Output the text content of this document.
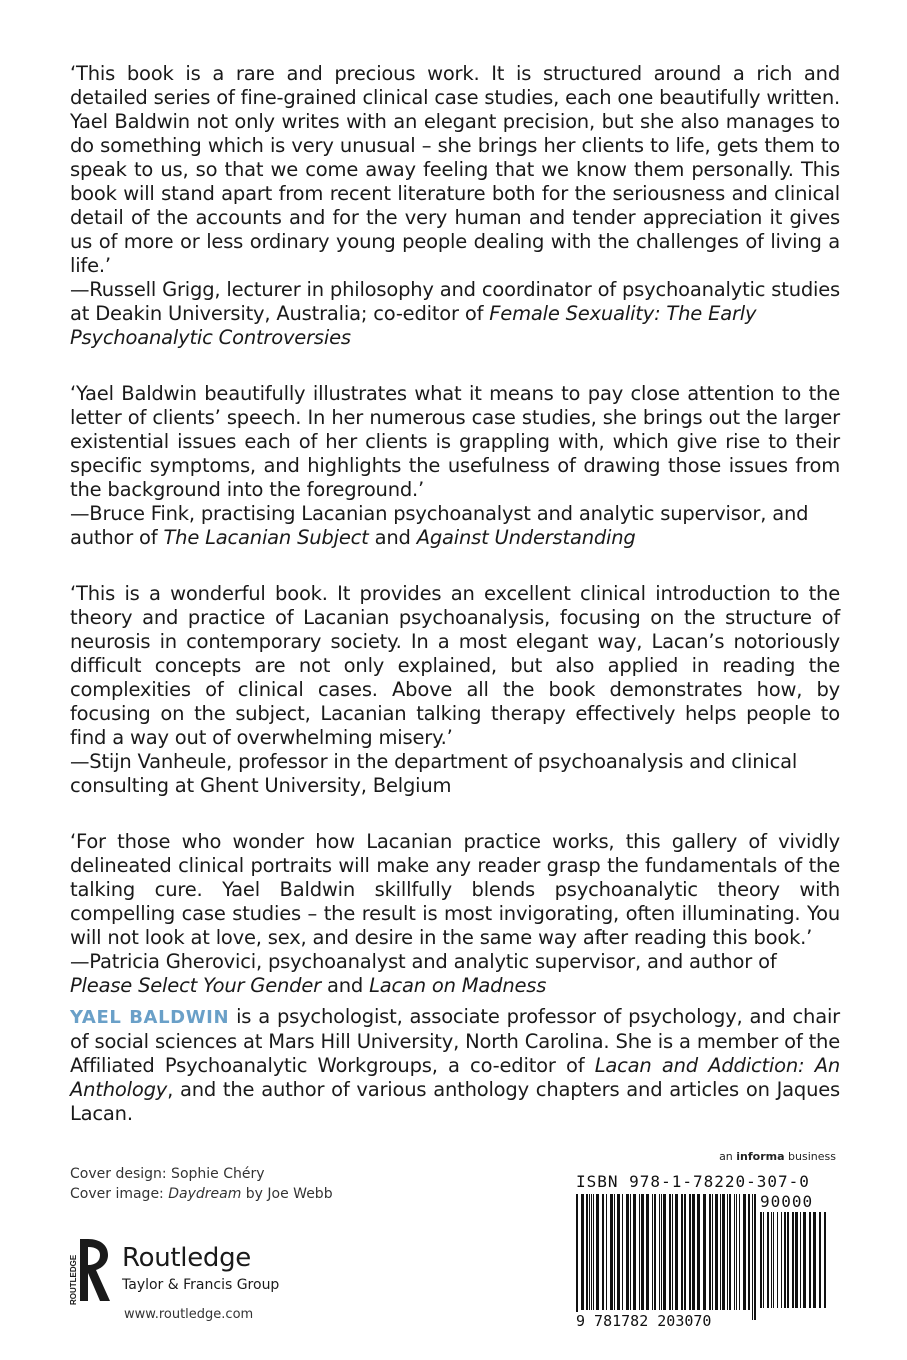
‘This book is a rare and precious work. It is structured around a rich and detailed series of fine-grained clinical case studies, each one beautifully written. Yael Baldwin not only writes with an elegant precision, but she also manages to do something which is very unusual – she brings her clients to life, gets them to speak to us, so that we come away feeling that we know them personally. This book will stand apart from recent literature both for the seriousness and clinical detail of the accounts and for the very human and tender appreciation it gives us of more or less ordinary young people dealing with the challenges of living a life.’

—Russell Grigg, lecturer in philosophy and coordinator of psychoanalytic studies at Deakin University, Australia; co-editor of Female Sexuality: The Early Psychoanalytic Controversies

‘Yael Baldwin beautifully illustrates what it means to pay close attention to the letter of clients’ speech. In her numerous case studies, she brings out the larger existential issues each of her clients is grappling with, which give rise to their specific symptoms, and highlights the usefulness of drawing those issues from the background into the foreground.’

—Bruce Fink, practising Lacanian psychoanalyst and analytic supervisor, and author of The Lacanian Subject and Against Understanding

‘This is a wonderful book. It provides an excellent clinical introduction to the theory and practice of Lacanian psychoanalysis, focusing on the structure of neurosis in contemporary society. In a most elegant way, Lacan’s notoriously difficult concepts are not only explained, but also applied in reading the complexities of clinical cases. Above all the book demonstrates how, by focusing on the subject, Lacanian talking therapy effectively helps people to find a way out of overwhelming misery.’

—Stijn Vanheule, professor in the department of psychoanalysis and clinical consulting at Ghent University, Belgium

‘For those who wonder how Lacanian practice works, this gallery of vividly delineated clinical portraits will make any reader grasp the fundamentals of the talking cure. Yael Baldwin skillfully blends psychoanalytic theory with compelling case studies – the result is most invigorating, often illuminating. You will not look at love, sex, and desire in the same way after reading this book.’

—Patricia Gherovici, psychoanalyst and analytic supervisor, and author of Please Select Your Gender and Lacan on Madness

YAEL BALDWIN is a psychologist, associate professor of psychology, and chair of social sciences at Mars Hill University, North Carolina. She is a member of the Affiliated Psychoanalytic Workgroups, a co-editor of Lacan and Addiction: An Anthology, and the author of various anthology chapters and articles on Jaques Lacan.

Cover design: Sophie Chéry

Cover image: Daydream by Joe Webb

ROUTLEDGE Routledge
Taylor & Francis Group
www.routledge.com
an informa business
ISBN 978-1-78220-307-0
90000
9 781782 203070
